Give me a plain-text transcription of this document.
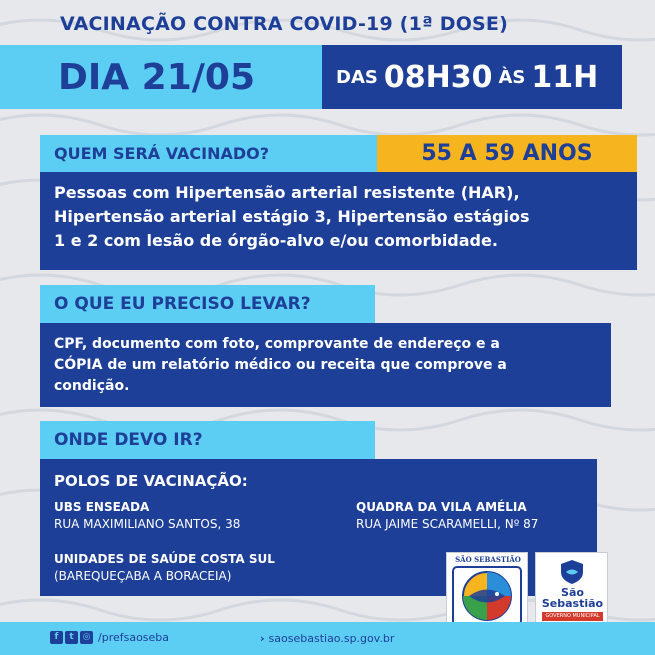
VACINAÇÃO CONTRA COVID-19 (1ª DOSE)
DIA 21/05	DAS 08H30 ÀS 11H
QUEM SERÁ VACINADO?	55 A 59 ANOS
Pessoas com Hipertensão arterial resistente (HAR),
Hipertensão arterial estágio 3, Hipertensão estágios
1 e 2 com lesão de órgão-alvo e/ou comorbidade.
O QUE EU PRECISO LEVAR?
CPF, documento com foto, comprovante de endereço e a
CÓPIA de um relatório médico ou receita que comprove a
condição.
ONDE DEVO IR?
POLOS DE VACINAÇÃO:
UBS ENSEADA
RUA MAXIMILIANO SANTOS, 38
QUADRA DA VILA AMÉLIA
RUA JAIME SCARAMELLI, Nº 87
UNIDADES DE SAÚDE COSTA SUL
(BAREQUEÇABA A BORACEIA)
SÃO SEBASTIÃO
São
Sebastião
GOVERNO MUNICIPAL
f	t ◎ /prefsaoseba	› saosebastiao.sp.gov.br
